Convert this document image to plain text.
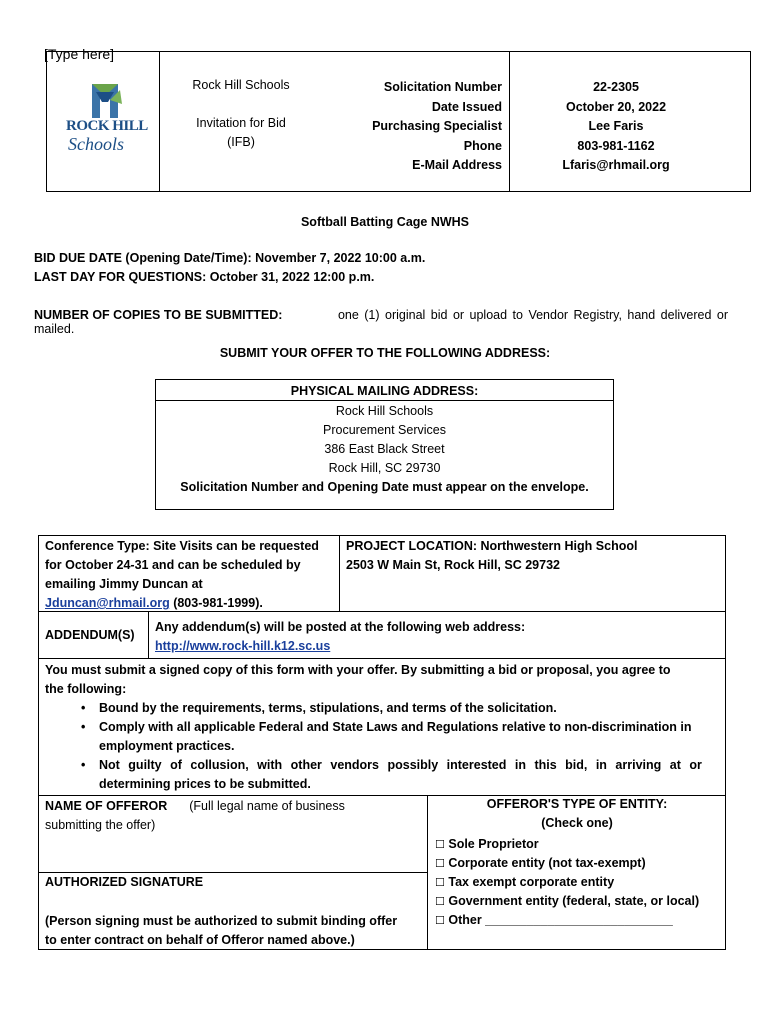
[Type here]
ROCK HILL
Schools
Rock Hill Schools
Invitation for Bid
(IFB)
Solicitation Number
Date Issued
Purchasing Specialist
Phone
E-Mail Address
22-2305
October 20, 2022
Lee Faris
803-981-1162
Lfaris@rhmail.org
Softball Batting Cage NWHS
BID DUE DATE (Opening Date/Time): November 7, 2022 10:00 a.m.
LAST DAY FOR QUESTIONS: October 31, 2022 12:00 p.m.
NUMBER OF COPIES TO BE SUBMITTED:	one (1) original bid or upload to Vendor Registry, hand delivered or
mailed.
SUBMIT YOUR OFFER TO THE FOLLOWING ADDRESS:
PHYSICAL MAILING ADDRESS:
Rock Hill Schools
Procurement Services
386 East Black Street
Rock Hill, SC 29730
Solicitation Number and Opening Date must appear on the envelope.
Conference Type: Site Visits can be requested
for October 24-31 and can be scheduled by
emailing Jimmy Duncan at
Jduncan@rhmail.org (803-981-1999).
PROJECT LOCATION: Northwestern High School
2503 W Main St, Rock Hill, SC 29732
ADDENDUM(S)
Any addendum(s) will be posted at the following web address:
http://www.rock-hill.k12.sc.us
You must submit a signed copy of this form with your offer. By submitting a bid or proposal, you agree to
the following:
• Bound by the requirements, terms, stipulations, and terms of the solicitation.
• Comply with all applicable Federal and State Laws and Regulations relative to non-discrimination in
employment practices.
• Not guilty of collusion, with other vendors possibly interested in this bid, in arriving at or
determining prices to be submitted.
NAME OF OFFEROR (Full legal name of business
submitting the offer)
AUTHORIZED SIGNATURE
(Person signing must be authorized to submit binding offer
to enter contract on behalf of Offeror named above.)
OFFEROR'S TYPE OF ENTITY:
(Check one)
☐ Sole Proprietor
☐ Corporate entity (not tax-exempt)
☐ Tax exempt corporate entity
☐ Government entity (federal, state, or local)
☐ Other ___________________________
